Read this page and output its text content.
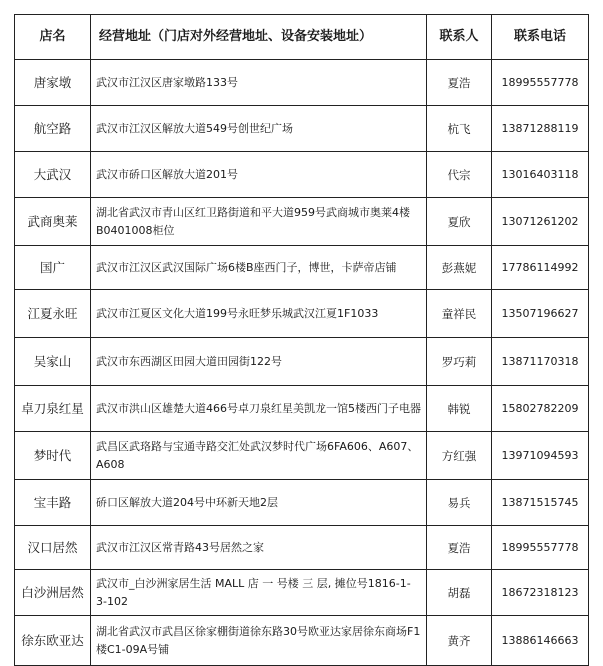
店名	经营地址（门店对外经营地址、设备安装地址）	联系人	联系电话
唐家墩	武汉市江汉区唐家墩路133号	夏浩	18995557778
航空路	武汉市江汉区解放大道549号创世纪广场	杭飞	13871288119
大武汉	武汉市硚口区解放大道201号	代宗	13016403118
武商奥莱	湖北省武汉市青山区红卫路街道和平大道959号武商城市奥莱4楼B0401008柜位	夏欣	13071261202
国广	武汉市江汉区武汉国际广场6楼B座西门子，博世，卡萨帝店铺	彭燕妮	17786114992
江夏永旺	武汉市江夏区文化大道199号永旺梦乐城武汉江夏1F1033	童祥民	13507196627
吴家山	武汉市东西湖区田园大道田园街122号	罗巧莉	13871170318
卓刀泉红星	武汉市洪山区雄楚大道466号卓刀泉红星美凯龙一馆5楼西门子电器	韩锐	15802782209
梦时代	武昌区武珞路与宝通寺路交汇处武汉梦时代广场6FA606、A607、A608	方红强	13971094593
宝丰路	硚口区解放大道204号中环新天地2层	易兵	13871515745
汉口居然	武汉市江汉区常青路43号居然之家	夏浩	18995557778
白沙洲居然	武汉市_白沙洲家居生活 MALL 店 一 号楼 三 层, 摊位号1816-1-3-102	胡磊	18672318123
徐东欧亚达	湖北省武汉市武昌区徐家棚街道徐东路30号欧亚达家居徐东商场F1楼C1-09A号铺	黄齐	13886146663
